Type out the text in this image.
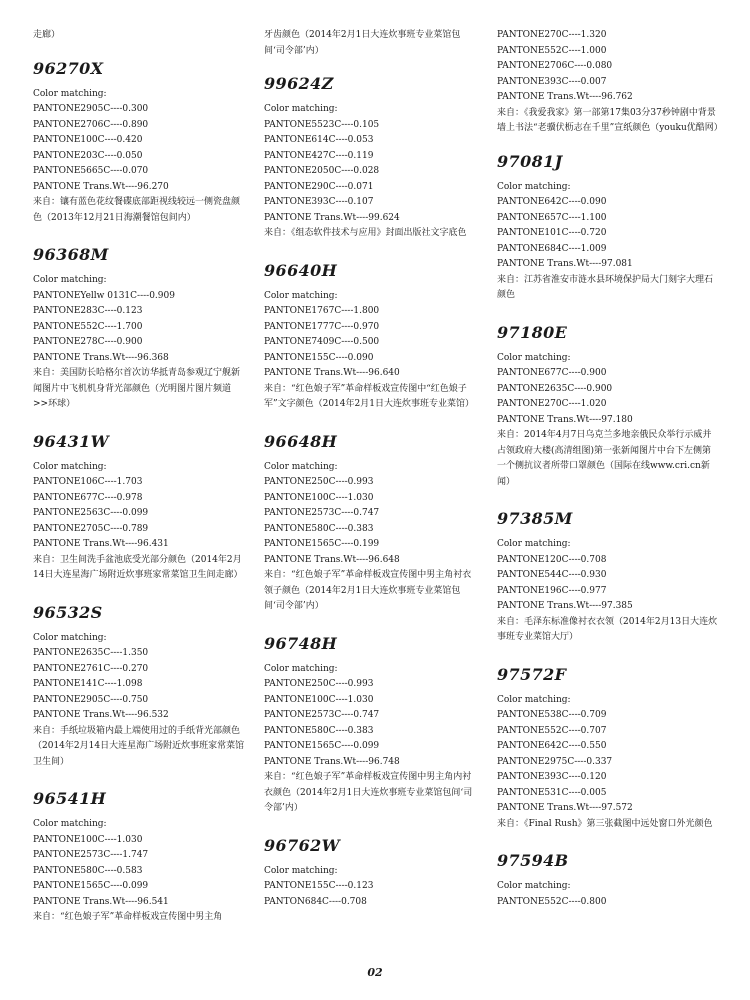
走廊）

96270X

Color matching:

PANTONE2905C----0.300

PANTONE2706C----0.890

PANTONE100C----0.420

PANTONE203C----0.050

PANTONE5665C----0.070

PANTONE Trans.Wt----96.270

来自：镶有蓝色花纹餐碟底部距视线较远一侧瓷盘颜色（2013年12月21日海潮餐馆包间内）

96368M

Color matching:

PANTONEYellw 0131C----0.909

PANTONE283C----0.123

PANTONE552C----1.700

PANTONE278C----0.900

PANTONE Trans.Wt----96.368

来自：美国防长哈格尔首次访华抵青岛参观辽宁舰新闻图片中飞机机身背光部颜色（光明图片图片频道>>环球）

96431W

Color matching:

PANTONE106C----1.703

PANTONE677C----0.978

PANTONE2563C----0.099

PANTONE2705C----0.789

PANTONE Trans.Wt----96.431

来自：卫生间洗手盆池底受光部分颜色（2014年2月14日大连星海广场附近炊事班家常菜馆卫生间走廊）

96532S

Color matching:

PANTONE2635C----1.350

PANTONE2761C----0.270

PANTONE141C----1.098

PANTONE2905C----0.750

PANTONE Trans.Wt----96.532

来自：手纸垃圾箱内最上端使用过的手纸背光部颜色（2014年2月14日大连星海广场附近炊事班家常菜馆卫生间）

96541H

Color matching:

PANTONE100C----1.030

PANTONE2573C----1.747

PANTONE580C----0.583

PANTONE1565C----0.099

PANTONE Trans.Wt----96.541

来自：“红色娘子军”革命样板戏宣传图中男主角

牙齿颜色（2014年2月1日大连炊事班专业菜馆包间‘司令部’内）

99624Z

Color matching:

PANTONE5523C----0.105

PANTONE614C----0.053

PANTONE427C----0.119

PANTONE2050C----0.028

PANTONE290C----0.071

PANTONE393C----0.107

PANTONE Trans.Wt----99.624

来自：《组态软件技术与应用》封面出版社文字底色

96640H

Color matching:

PANTONE1767C----1.800

PANTONE1777C----0.970

PANTONE7409C----0.500

PANTONE155C----0.090

PANTONE Trans.Wt----96.640

来自：“红色娘子军”革命样板戏宣传图中“红色娘子军”文字颜色（2014年2月1日大连炊事班专业菜馆）

96648H

Color matching:

PANTONE250C----0.993

PANTONE100C----1.030

PANTONE2573C----0.747

PANTONE580C----0.383

PANTONE1565C----0.199

PANTONE Trans.Wt----96.648

来自：“红色娘子军”革命样板戏宣传图中男主角衬衣领子颜色（2014年2月1日大连炊事班专业菜馆包间‘司令部’内）

96748H

Color matching:

PANTONE250C----0.993

PANTONE100C----1.030

PANTONE2573C----0.747

PANTONE580C----0.383

PANTONE1565C----0.099

PANTONE Trans.Wt----96.748

来自：“红色娘子军”革命样板戏宣传图中男主角内衬衣颜色（2014年2月1日大连炊事班专业菜馆包间‘司令部’内）

96762W

Color matching:

PANTONE155C----0.123

PANTON684C----0.708

PANTONE270C----1.320

PANTONE552C----1.000

PANTONE2706C----0.080

PANTONE393C----0.007

PANTONE Trans.Wt----96.762

来自：《我爱我家》第一部第17集03分37秒钟剧中背景墙上书法“老骥伏枥志在千里”宣纸颜色（youku优酷网）

97081J

Color matching:

PANTONE642C----0.090

PANTONE657C----1.100

PANTONE101C----0.720

PANTONE684C----1.009

PANTONE Trans.Wt----97.081

来自：江苏省淮安市涟水县环境保护局大门刻字大理石颜色

97180E

Color matching:

PANTONE677C----0.900

PANTONE2635C----0.900

PANTONE270C----1.020

PANTONE Trans.Wt----97.180

来自：2014年4月7日乌克兰多地亲俄民众举行示威并占领政府大楼(高清组图)第一张新闻图片中台下左侧第一个侧抗议者所带口罩颜色（国际在线www.cri.cn新闻）

97385M

Color matching:

PANTONE120C----0.708

PANTONE544C----0.930

PANTONE196C----0.977

PANTONE Trans.Wt----97.385

来自：毛泽东标准像衬衣衣领（2014年2月13日大连炊事班专业菜馆大厅）

97572F

Color matching:

PANTONE538C----0.709

PANTONE552C----0.707

PANTONE642C----0.550

PANTONE2975C----0.337

PANTONE393C----0.120

PANTONE531C----0.005

PANTONE Trans.Wt----97.572

来自：《Final Rush》第三张截图中远处窗口外光颜色

97594B

Color matching:

PANTONE552C----0.800

02
